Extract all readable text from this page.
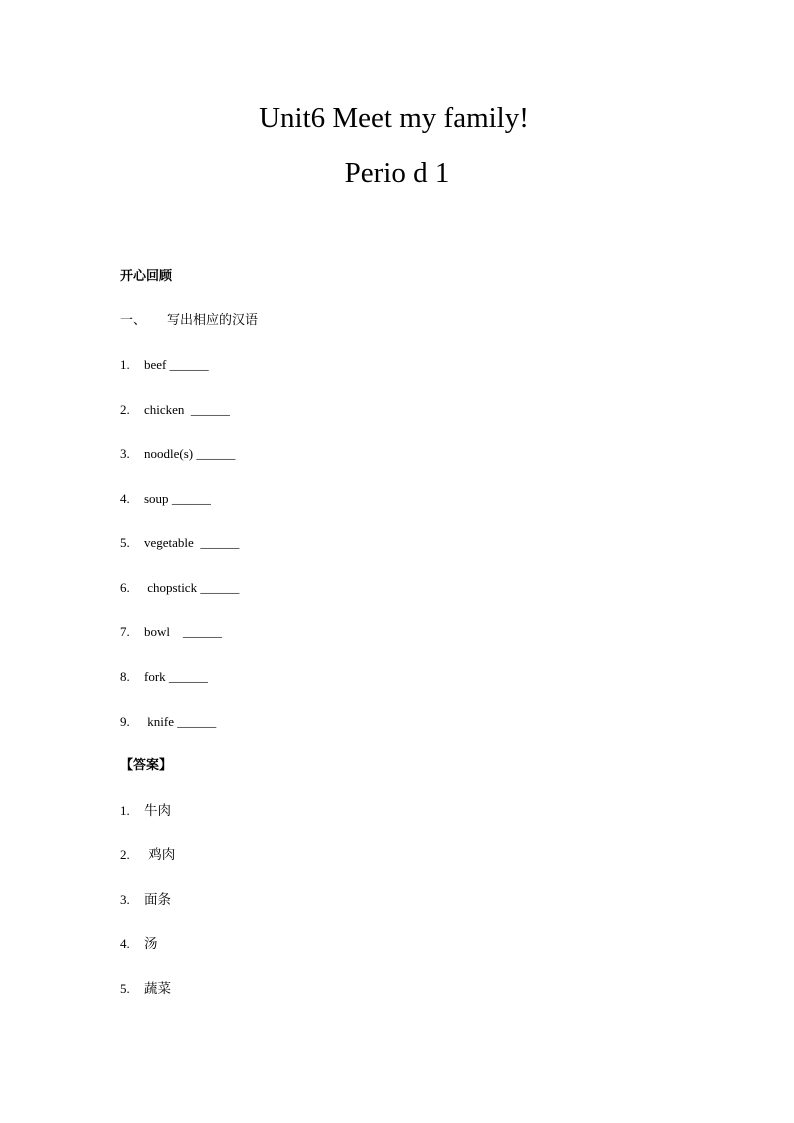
Unit6 Meet my family!
Perio d 1
开心回顾
一、 写出相应的汉语
1. beef ______
2. chicken  ______
3. noodle(s) ______
4. soup ______
5. vegetable  ______
6. chopstick ______
7. bowl    ______
8. fork ______
9. knife ______
【答案】
1. 牛肉
2. 鸡肉
3. 面条
4. 汤
5. 蔬菜
